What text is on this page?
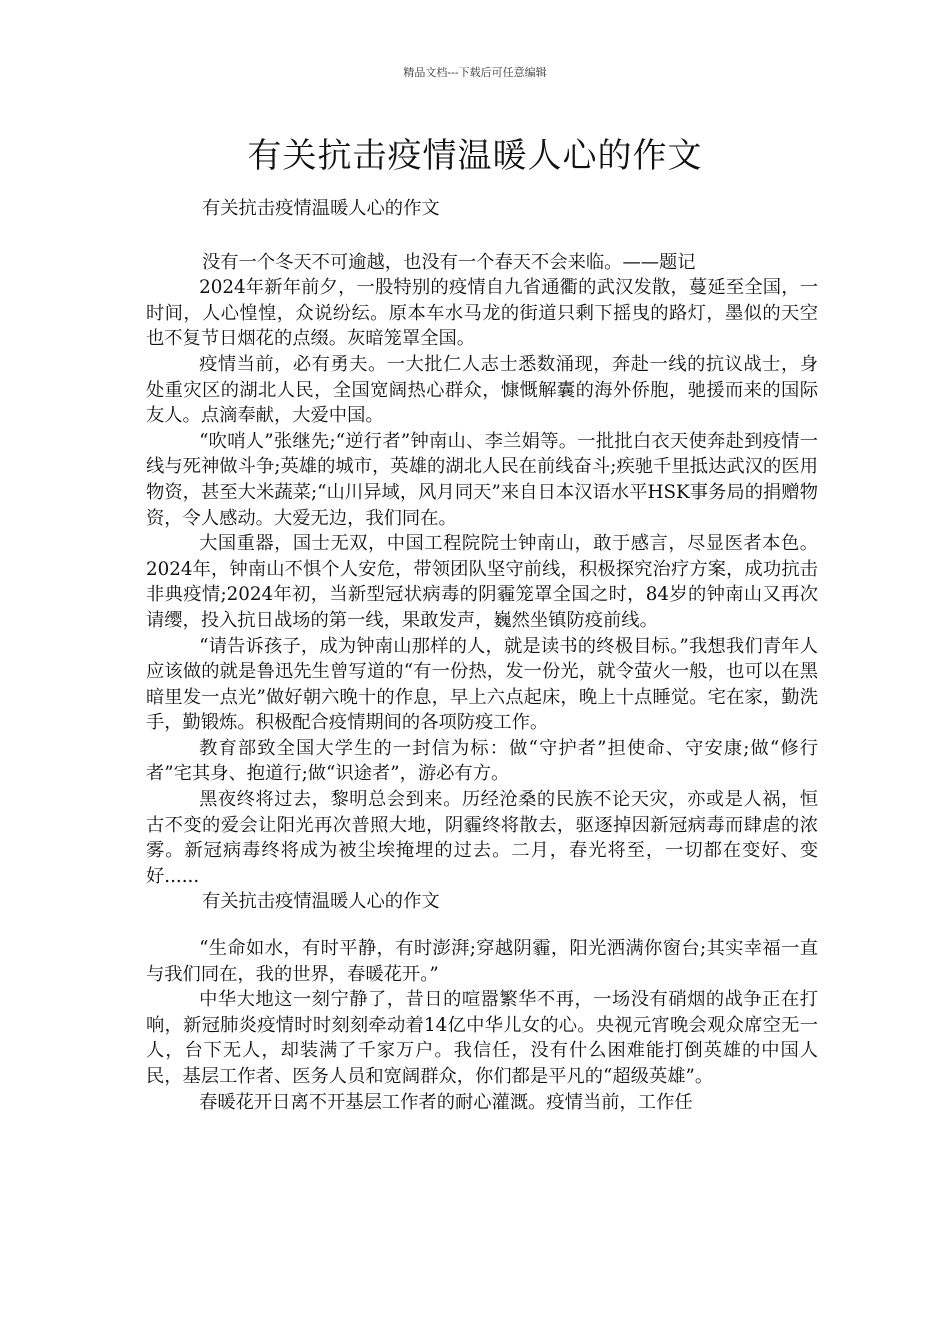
精品文档---下载后可任意编辑
有关抗击疫情温暖人心的作文

有关抗击疫情温暖人心的作文

没有一个冬天不可逾越，也没有一个春天不会来临。——题记

2024年新年前夕，一股特别的疫情自九省通衢的武汉发散，蔓延至全国，一时间，人心惶惶，众说纷纭。原本车水马龙的街道只剩下摇曳的路灯，墨似的天空也不复节日烟花的点缀。灰暗笼罩全国。

疫情当前，必有勇夫。一大批仁人志士悉数涌现，奔赴一线的抗议战士，身处重灾区的湖北人民，全国宽阔热心群众，慷慨解囊的海外侨胞，驰援而来的国际友人。点滴奉献，大爱中国。

“吹哨人”张继先;“逆行者”钟南山、李兰娟等。一批批白衣天使奔赴到疫情一线与死神做斗争;英雄的城市，英雄的湖北人民在前线奋斗;疾驰千里抵达武汉的医用物资，甚至大米蔬菜;“山川异域，风月同天”来自日本汉语水平HSK事务局的捐赠物资，令人感动。大爱无边，我们同在。

大国重器，国士无双，中国工程院院士钟南山，敢于感言，尽显医者本色。2024年，钟南山不惧个人安危，带领团队坚守前线，积极探究治疗方案，成功抗击非典疫情;2024年初，当新型冠状病毒的阴霾笼罩全国之时，84岁的钟南山又再次请缨，投入抗日战场的第一线，果敢发声，巍然坐镇防疫前线。

“请告诉孩子，成为钟南山那样的人，就是读书的终极目标。”我想我们青年人应该做的就是鲁迅先生曾写道的“有一份热，发一份光，就令萤火一般，也可以在黑暗里发一点光”做好朝六晚十的作息，早上六点起床，晚上十点睡觉。宅在家，勤洗手，勤锻炼。积极配合疫情期间的各项防疫工作。

教育部致全国大学生的一封信为标：做“守护者”担使命、守安康;做“修行者”宅其身、抱道行;做“识途者”，游必有方。

黑夜终将过去，黎明总会到来。历经沧桑的民族不论天灾，亦或是人祸，恒古不变的爱会让阳光再次普照大地，阴霾终将散去，驱逐掉因新冠病毒而肆虐的浓雾。新冠病毒终将成为被尘埃掩埋的过去。二月，春光将至，一切都在变好、变好......

有关抗击疫情温暖人心的作文

“生命如水，有时平静，有时澎湃;穿越阴霾，阳光洒满你窗台;其实幸福一直与我们同在，我的世界，春暖花开。”

中华大地这一刻宁静了，昔日的喧嚣繁华不再，一场没有硝烟的战争正在打响，新冠肺炎疫情时时刻刻牵动着14亿中华儿女的心。央视元宵晚会观众席空无一人，台下无人，却装满了千家万户。我信任，没有什么困难能打倒英雄的中国人民，基层工作者、医务人员和宽阔群众，你们都是平凡的“超级英雄”。

春暖花开日离不开基层工作者的耐心灌溉。疫情当前，工作任
